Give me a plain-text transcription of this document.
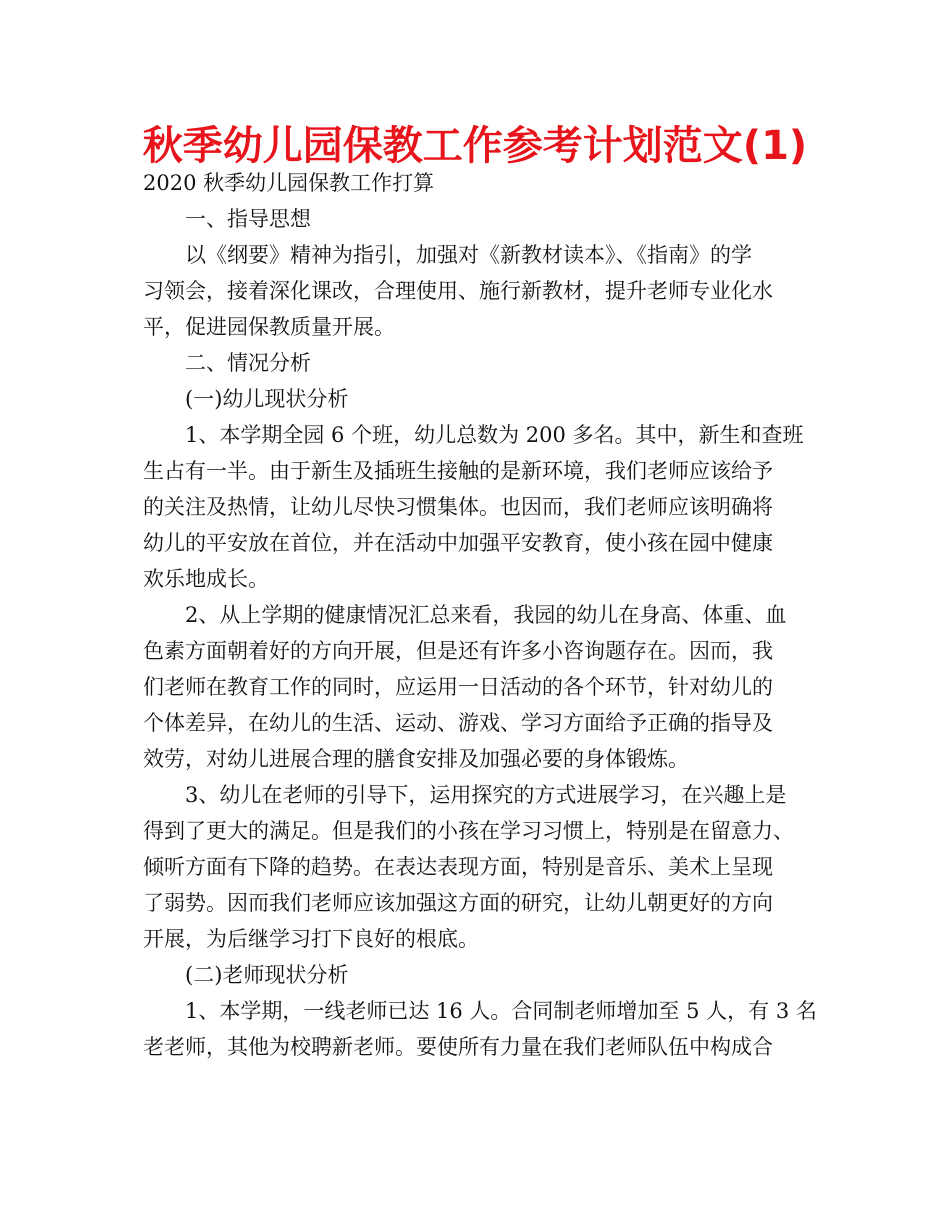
秋季幼儿园保教工作参考计划范文(1)
2020 秋季幼儿园保教工作打算
一、指导思想
以《纲要》精神为指引，加强对《新教材读本》、《指南》的学
习领会，接着深化课改，合理使用、施行新教材，提升老师专业化水
平，促进园保教质量开展。
二、情况分析
(一)幼儿现状分析
1、本学期全园 6 个班，幼儿总数为 200 多名。其中，新生和查班
生占有一半。由于新生及插班生接触的是新环境，我们老师应该给予
的关注及热情，让幼儿尽快习惯集体。也因而，我们老师应该明确将
幼儿的平安放在首位，并在活动中加强平安教育，使小孩在园中健康
欢乐地成长。
2、从上学期的健康情况汇总来看，我园的幼儿在身高、体重、血
色素方面朝着好的方向开展，但是还有许多小咨询题存在。因而，我
们老师在教育工作的同时，应运用一日活动的各个环节，针对幼儿的
个体差异，在幼儿的生活、运动、游戏、学习方面给予正确的指导及
效劳，对幼儿进展合理的膳食安排及加强必要的身体锻炼。
3、幼儿在老师的引导下，运用探究的方式进展学习，在兴趣上是
得到了更大的满足。但是我们的小孩在学习习惯上，特别是在留意力、
倾听方面有下降的趋势。在表达表现方面，特别是音乐、美术上呈现
了弱势。因而我们老师应该加强这方面的研究，让幼儿朝更好的方向
开展，为后继学习打下良好的根底。
(二)老师现状分析
1、本学期，一线老师已达 16 人。合同制老师增加至 5 人，有 3 名
老老师，其他为校聘新老师。要使所有力量在我们老师队伍中构成合
